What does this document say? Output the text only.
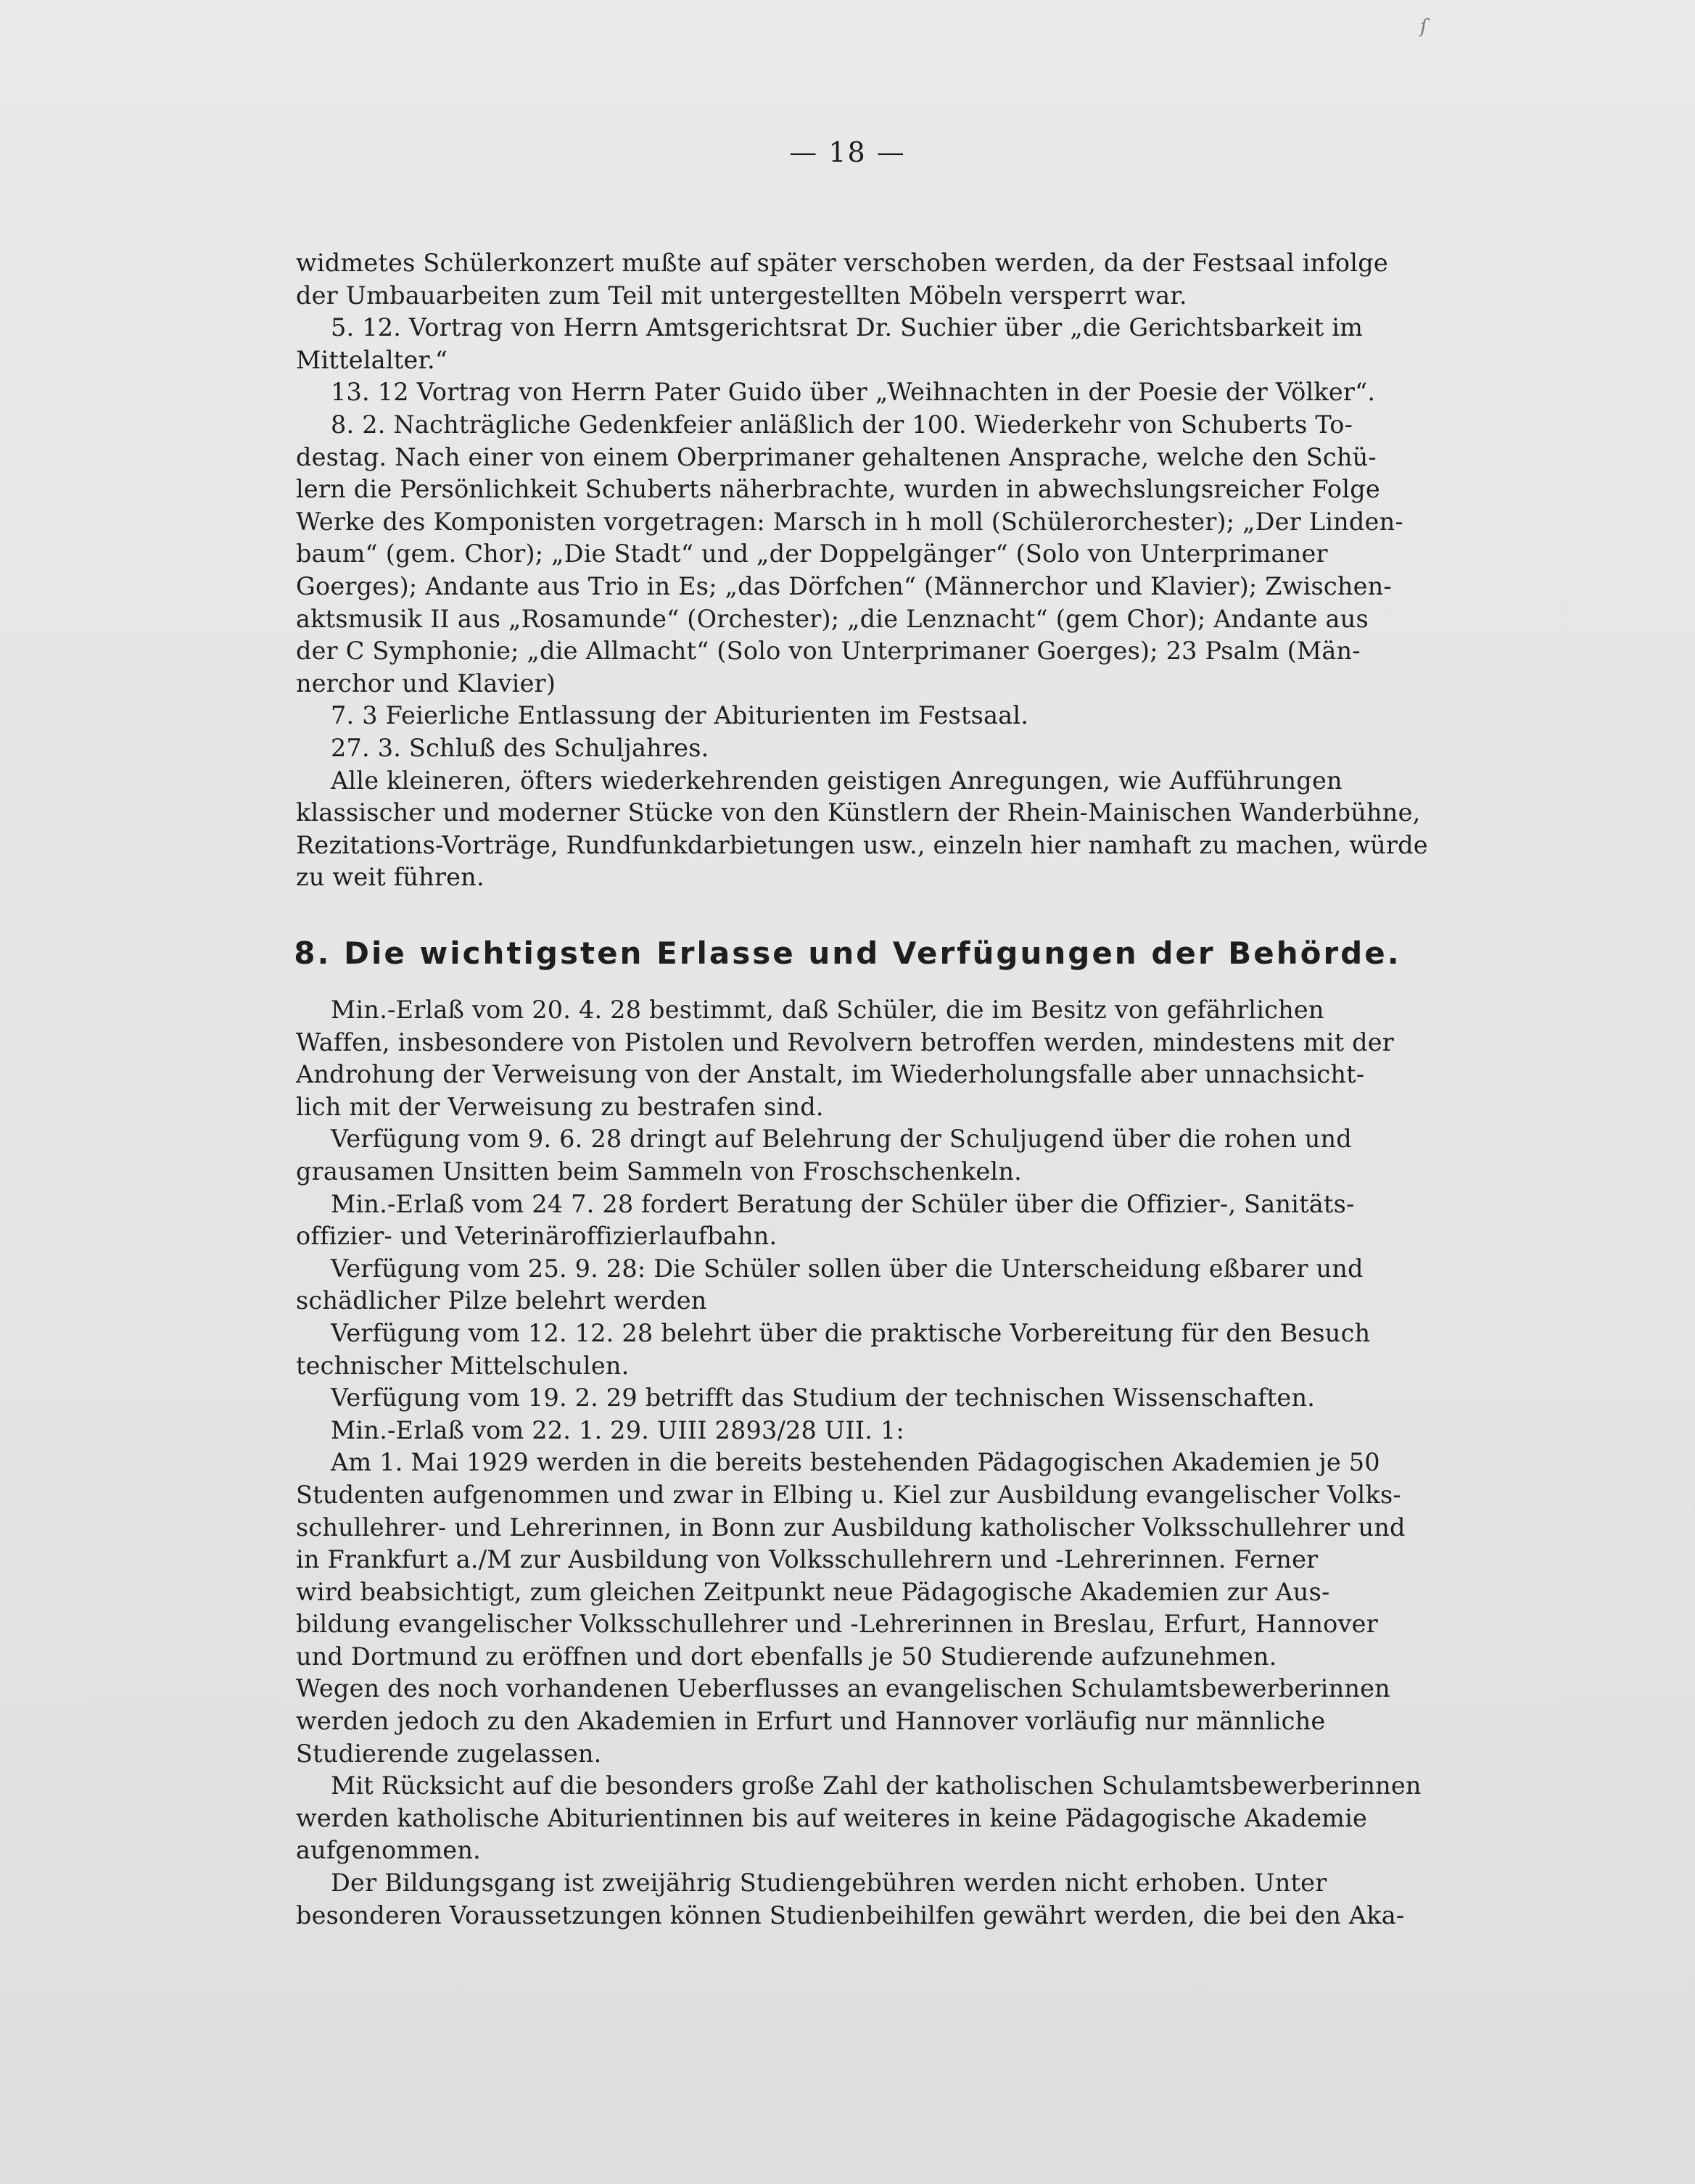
ſ
— 18 —
widmetes Schülerkonzert mußte auf später verschoben werden, da der Festsaal infolge
der Umbauarbeiten zum Teil mit untergestellten Möbeln versperrt war.
5. 12. Vortrag von Herrn Amtsgerichtsrat Dr. Suchier über „die Gerichtsbarkeit im
Mittelalter.“
13. 12 Vortrag von Herrn Pater Guido über „Weihnachten in der Poesie der Völker“.
8. 2. Nachträgliche Gedenkfeier anläßlich der 100. Wiederkehr von Schuberts To-
destag. Nach einer von einem Oberprimaner gehaltenen Ansprache, welche den Schü-
lern die Persönlichkeit Schuberts näherbrachte, wurden in abwechslungsreicher Folge
Werke des Komponisten vorgetragen: Marsch in h moll (Schülerorchester); „Der Linden-
baum“ (gem. Chor); „Die Stadt“ und „der Doppelgänger“ (Solo von Unterprimaner
Goerges); Andante aus Trio in Es; „das Dörfchen“ (Männerchor und Klavier); Zwischen-
aktsmusik II aus „Rosamunde“ (Orchester); „die Lenznacht“ (gem Chor); Andante aus
der C Symphonie; „die Allmacht“ (Solo von Unterprimaner Goerges); 23 Psalm (Män-
nerchor und Klavier)
7. 3 Feierliche Entlassung der Abiturienten im Festsaal.
27. 3. Schluß des Schuljahres.
Alle kleineren, öfters wiederkehrenden geistigen Anregungen, wie Aufführungen
klassischer und moderner Stücke von den Künstlern der Rhein-Mainischen Wanderbühne,
Rezitations-Vorträge, Rundfunkdarbietungen usw., einzeln hier namhaft zu machen, würde
zu weit führen.
8. Die wichtigsten Erlasse und Verfügungen der Behörde.
Min.-Erlaß vom 20. 4. 28 bestimmt, daß Schüler, die im Besitz von gefährlichen
Waffen, insbesondere von Pistolen und Revolvern betroffen werden, mindestens mit der
Androhung der Verweisung von der Anstalt, im Wiederholungsfalle aber unnachsicht-
lich mit der Verweisung zu bestrafen sind.
Verfügung vom 9. 6. 28 dringt auf Belehrung der Schuljugend über die rohen und
grausamen Unsitten beim Sammeln von Froschschenkeln.
Min.-Erlaß vom 24 7. 28 fordert Beratung der Schüler über die Offizier-, Sanitäts-
offizier- und Veterinäroffizierlaufbahn.
Verfügung vom 25. 9. 28: Die Schüler sollen über die Unterscheidung eßbarer und
schädlicher Pilze belehrt werden
Verfügung vom 12. 12. 28 belehrt über die praktische Vorbereitung für den Besuch
technischer Mittelschulen.
Verfügung vom 19. 2. 29 betrifft das Studium der technischen Wissenschaften.
Min.-Erlaß vom 22. 1. 29. UIII 2893/28 UII. 1:
Am 1. Mai 1929 werden in die bereits bestehenden Pädagogischen Akademien je 50
Studenten aufgenommen und zwar in Elbing u. Kiel zur Ausbildung evangelischer Volks-
schullehrer- und Lehrerinnen, in Bonn zur Ausbildung katholischer Volksschullehrer und
in Frankfurt a./M zur Ausbildung von Volksschullehrern und -Lehrerinnen. Ferner
wird beabsichtigt, zum gleichen Zeitpunkt neue Pädagogische Akademien zur Aus-
bildung evangelischer Volksschullehrer und -Lehrerinnen in Breslau, Erfurt, Hannover
und Dortmund zu eröffnen und dort ebenfalls je 50 Studierende aufzunehmen.
Wegen des noch vorhandenen Ueberflusses an evangelischen Schulamtsbewerberinnen
werden jedoch zu den Akademien in Erfurt und Hannover vorläufig nur männliche
Studierende zugelassen.
Mit Rücksicht auf die besonders große Zahl der katholischen Schulamtsbewerberinnen
werden katholische Abiturientinnen bis auf weiteres in keine Pädagogische Akademie
aufgenommen.
Der Bildungsgang ist zweijährig Studiengebühren werden nicht erhoben. Unter
besonderen Voraussetzungen können Studienbeihilfen gewährt werden, die bei den Aka-
